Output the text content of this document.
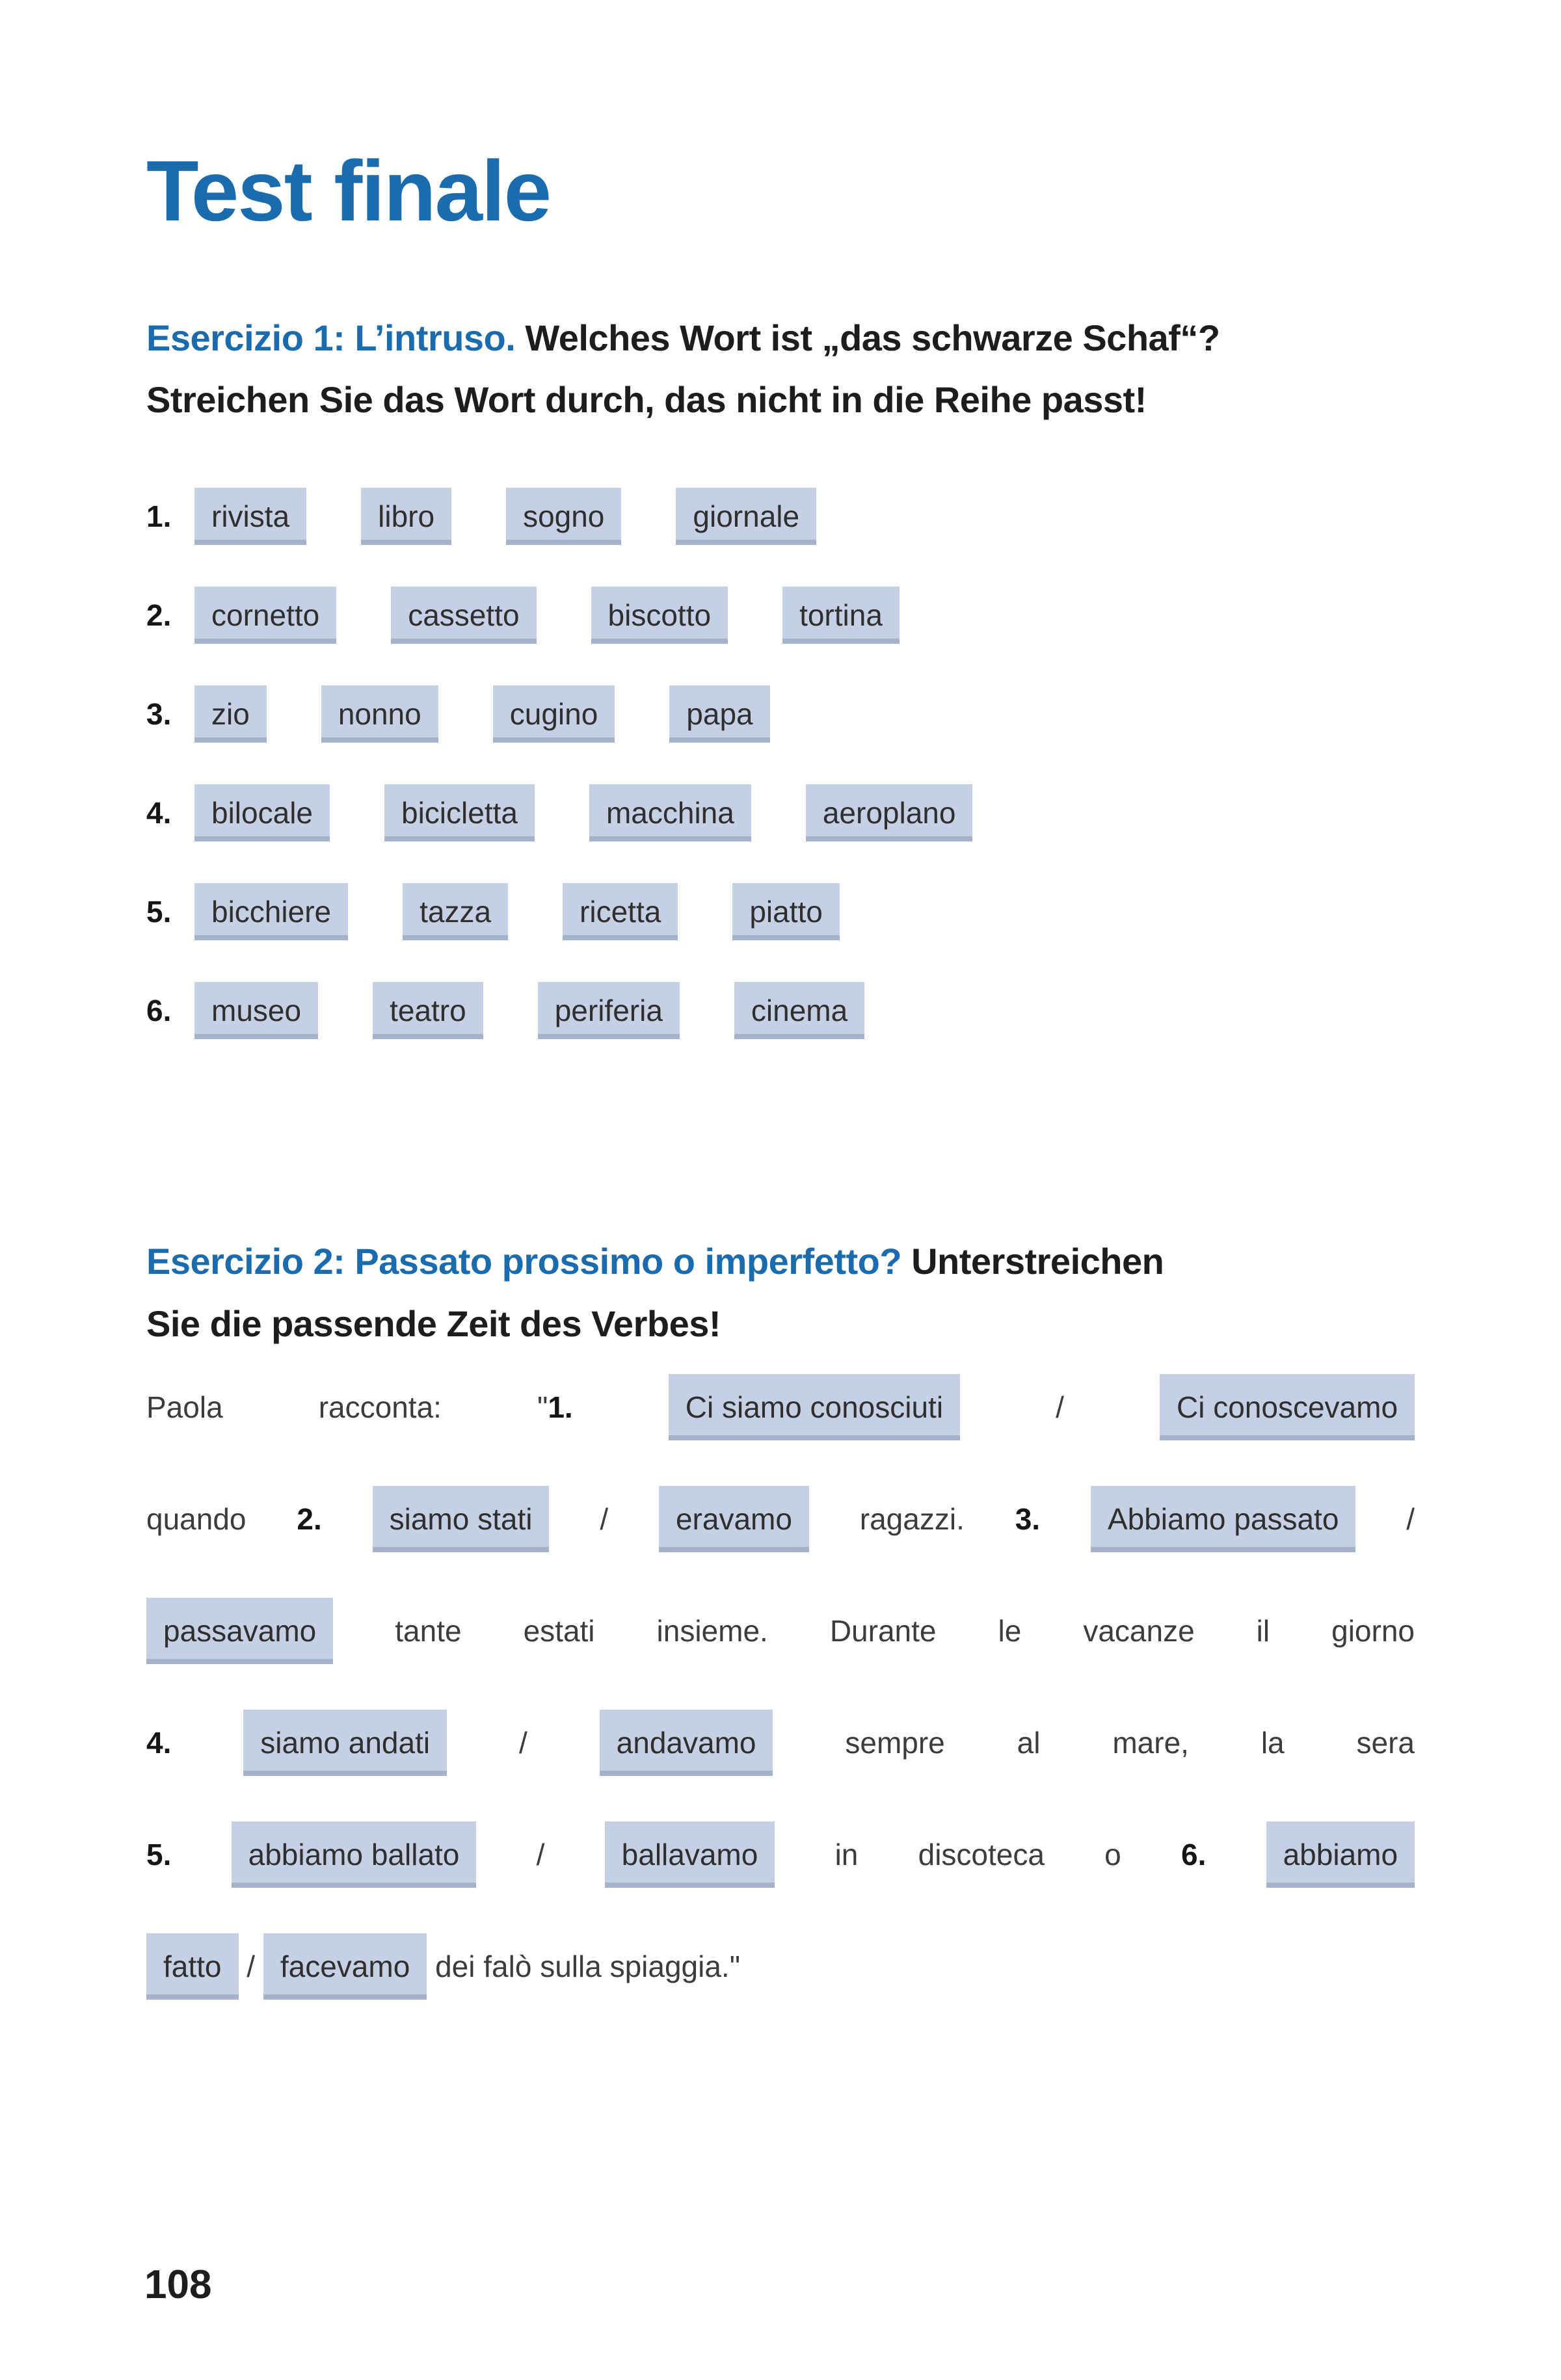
Test finale

Esercizio 1: L’intruso. Welches Wort ist „das schwarze Schaf“?
Streichen Sie das Wort durch, das nicht in die Reihe passt!

1. rivista	libro	sogno	giornale
2. cornetto	cassetto	biscotto	tortina
3. zio	nonno	cugino	papa
4. bilocale	bicicletta	macchina	aeroplano
5. bicchiere	tazza	ricetta	piatto
6. museo	teatro	periferia	cinema

Esercizio 2: Passato prossimo o imperfetto? Unterstreichen
Sie die passende Zeit des Verbes!

Paola racconta: "1.	Ci siamo conosciuti	/	Ci conoscevamo
quando 2. siamo stati / eravamo ragazzi. 3. Abbiamo passato /
passavamo	tante estati insieme. Durante le vacanze il giorno
4.	siamo andati	/	andavamo	sempre al mare, la sera
5.	abbiamo ballato	/	ballavamo	in discoteca o 6.	abbiamo
fatto / facevamo dei falò sulla spiaggia."
108
